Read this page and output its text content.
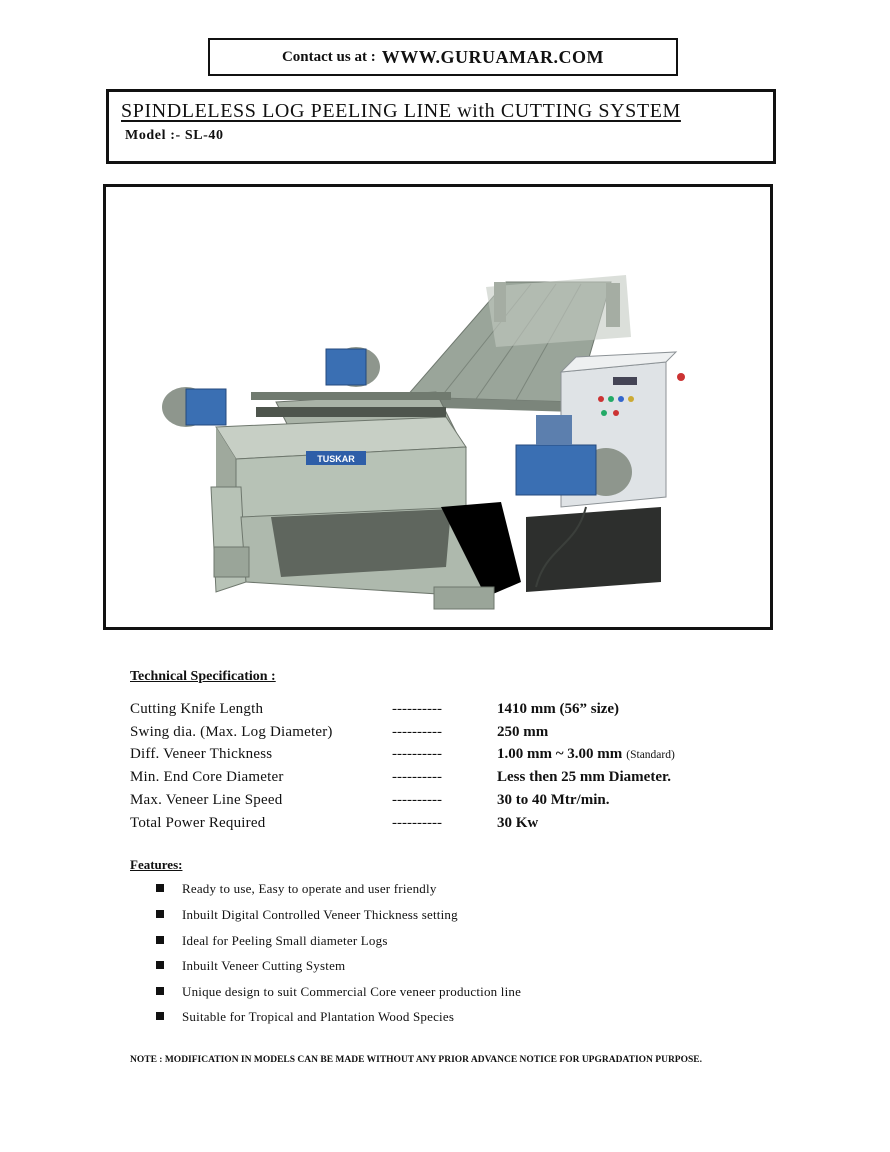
Contact us at : WWW.GURUAMAR.COM
SPINDLELESS LOG PEELING LINE with CUTTING SYSTEM
Model :- SL-40
TUSKAR
Technical Specification :
Cutting Knife Length	----------	1410 mm (56” size)
Swing dia. (Max. Log Diameter)	----------	250 mm
Diff. Veneer Thickness	----------	1.00 mm ~ 3.00 mm (Standard)
Min. End Core Diameter	----------	Less then 25 mm Diameter.
Max. Veneer Line Speed	----------	30 to 40 Mtr/min.
Total Power Required	----------	30 Kw
Features:
Ready to use, Easy to operate and user friendly
Inbuilt Digital Controlled Veneer Thickness setting
Ideal for Peeling Small diameter Logs
Inbuilt Veneer Cutting System
Unique design to suit Commercial Core veneer production line
Suitable for Tropical and Plantation Wood Species
NOTE : MODIFICATION IN MODELS CAN BE MADE WITHOUT ANY PRIOR ADVANCE NOTICE FOR UPGRADATION PURPOSE.
